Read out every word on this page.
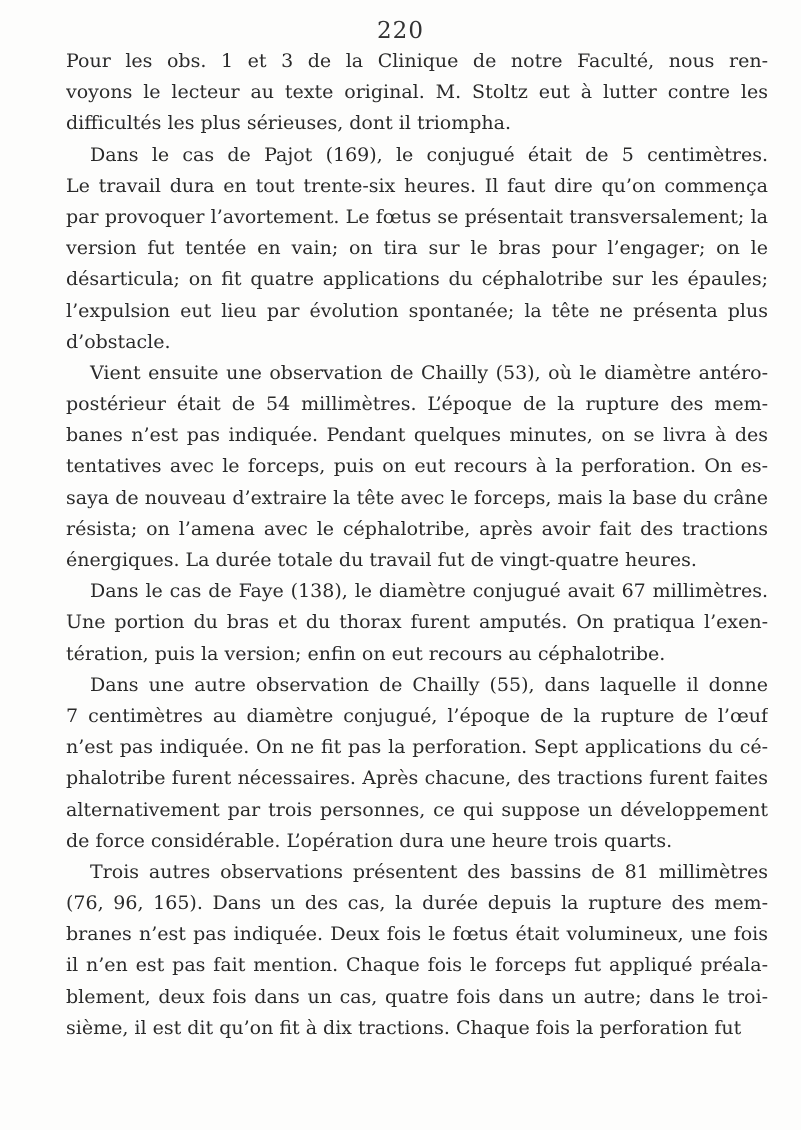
220
Pour les obs. 1 et 3 de la Clinique de notre Faculté, nous ren-
voyons le lecteur au texte original. M. Stoltz eut à lutter contre les
difficultés les plus sérieuses, dont il triompha.
Dans le cas de Pajot (169), le conjugué était de 5 centimètres.
Le travail dura en tout trente-six heures. Il faut dire qu’on commença
par provoquer l’avortement. Le fœtus se présentait transversalement; la
version fut tentée en vain; on tira sur le bras pour l’engager; on le
désarticula; on fit quatre applications du céphalotribe sur les épaules;
l’expulsion eut lieu par évolution spontanée; la tête ne présenta plus
d’obstacle.
Vient ensuite une observation de Chailly (53), où le diamètre antéro-
postérieur était de 54 millimètres. L’époque de la rupture des mem-
banes n’est pas indiquée. Pendant quelques minutes, on se livra à des
tentatives avec le forceps, puis on eut recours à la perforation. On es-
saya de nouveau d’extraire la tête avec le forceps, mais la base du crâne
résista; on l’amena avec le céphalotribe, après avoir fait des tractions
énergiques. La durée totale du travail fut de vingt-quatre heures.
Dans le cas de Faye (138), le diamètre conjugué avait 67 millimètres.
Une portion du bras et du thorax furent amputés. On pratiqua l’exen-
tération, puis la version; enfin on eut recours au céphalotribe.
Dans une autre observation de Chailly (55), dans laquelle il donne
7 centimètres au diamètre conjugué, l’époque de la rupture de l’œuf
n’est pas indiquée. On ne fit pas la perforation. Sept applications du cé-
phalotribe furent nécessaires. Après chacune, des tractions furent faites
alternativement par trois personnes, ce qui suppose un développement
de force considérable. L’opération dura une heure trois quarts.
Trois autres observations présentent des bassins de 81 millimètres
(76, 96, 165). Dans un des cas, la durée depuis la rupture des mem-
branes n’est pas indiquée. Deux fois le fœtus était volumineux, une fois
il n’en est pas fait mention. Chaque fois le forceps fut appliqué préala-
blement, deux fois dans un cas, quatre fois dans un autre; dans le troi-
sième, il est dit qu’on fit à dix tractions. Chaque fois la perforation fut
